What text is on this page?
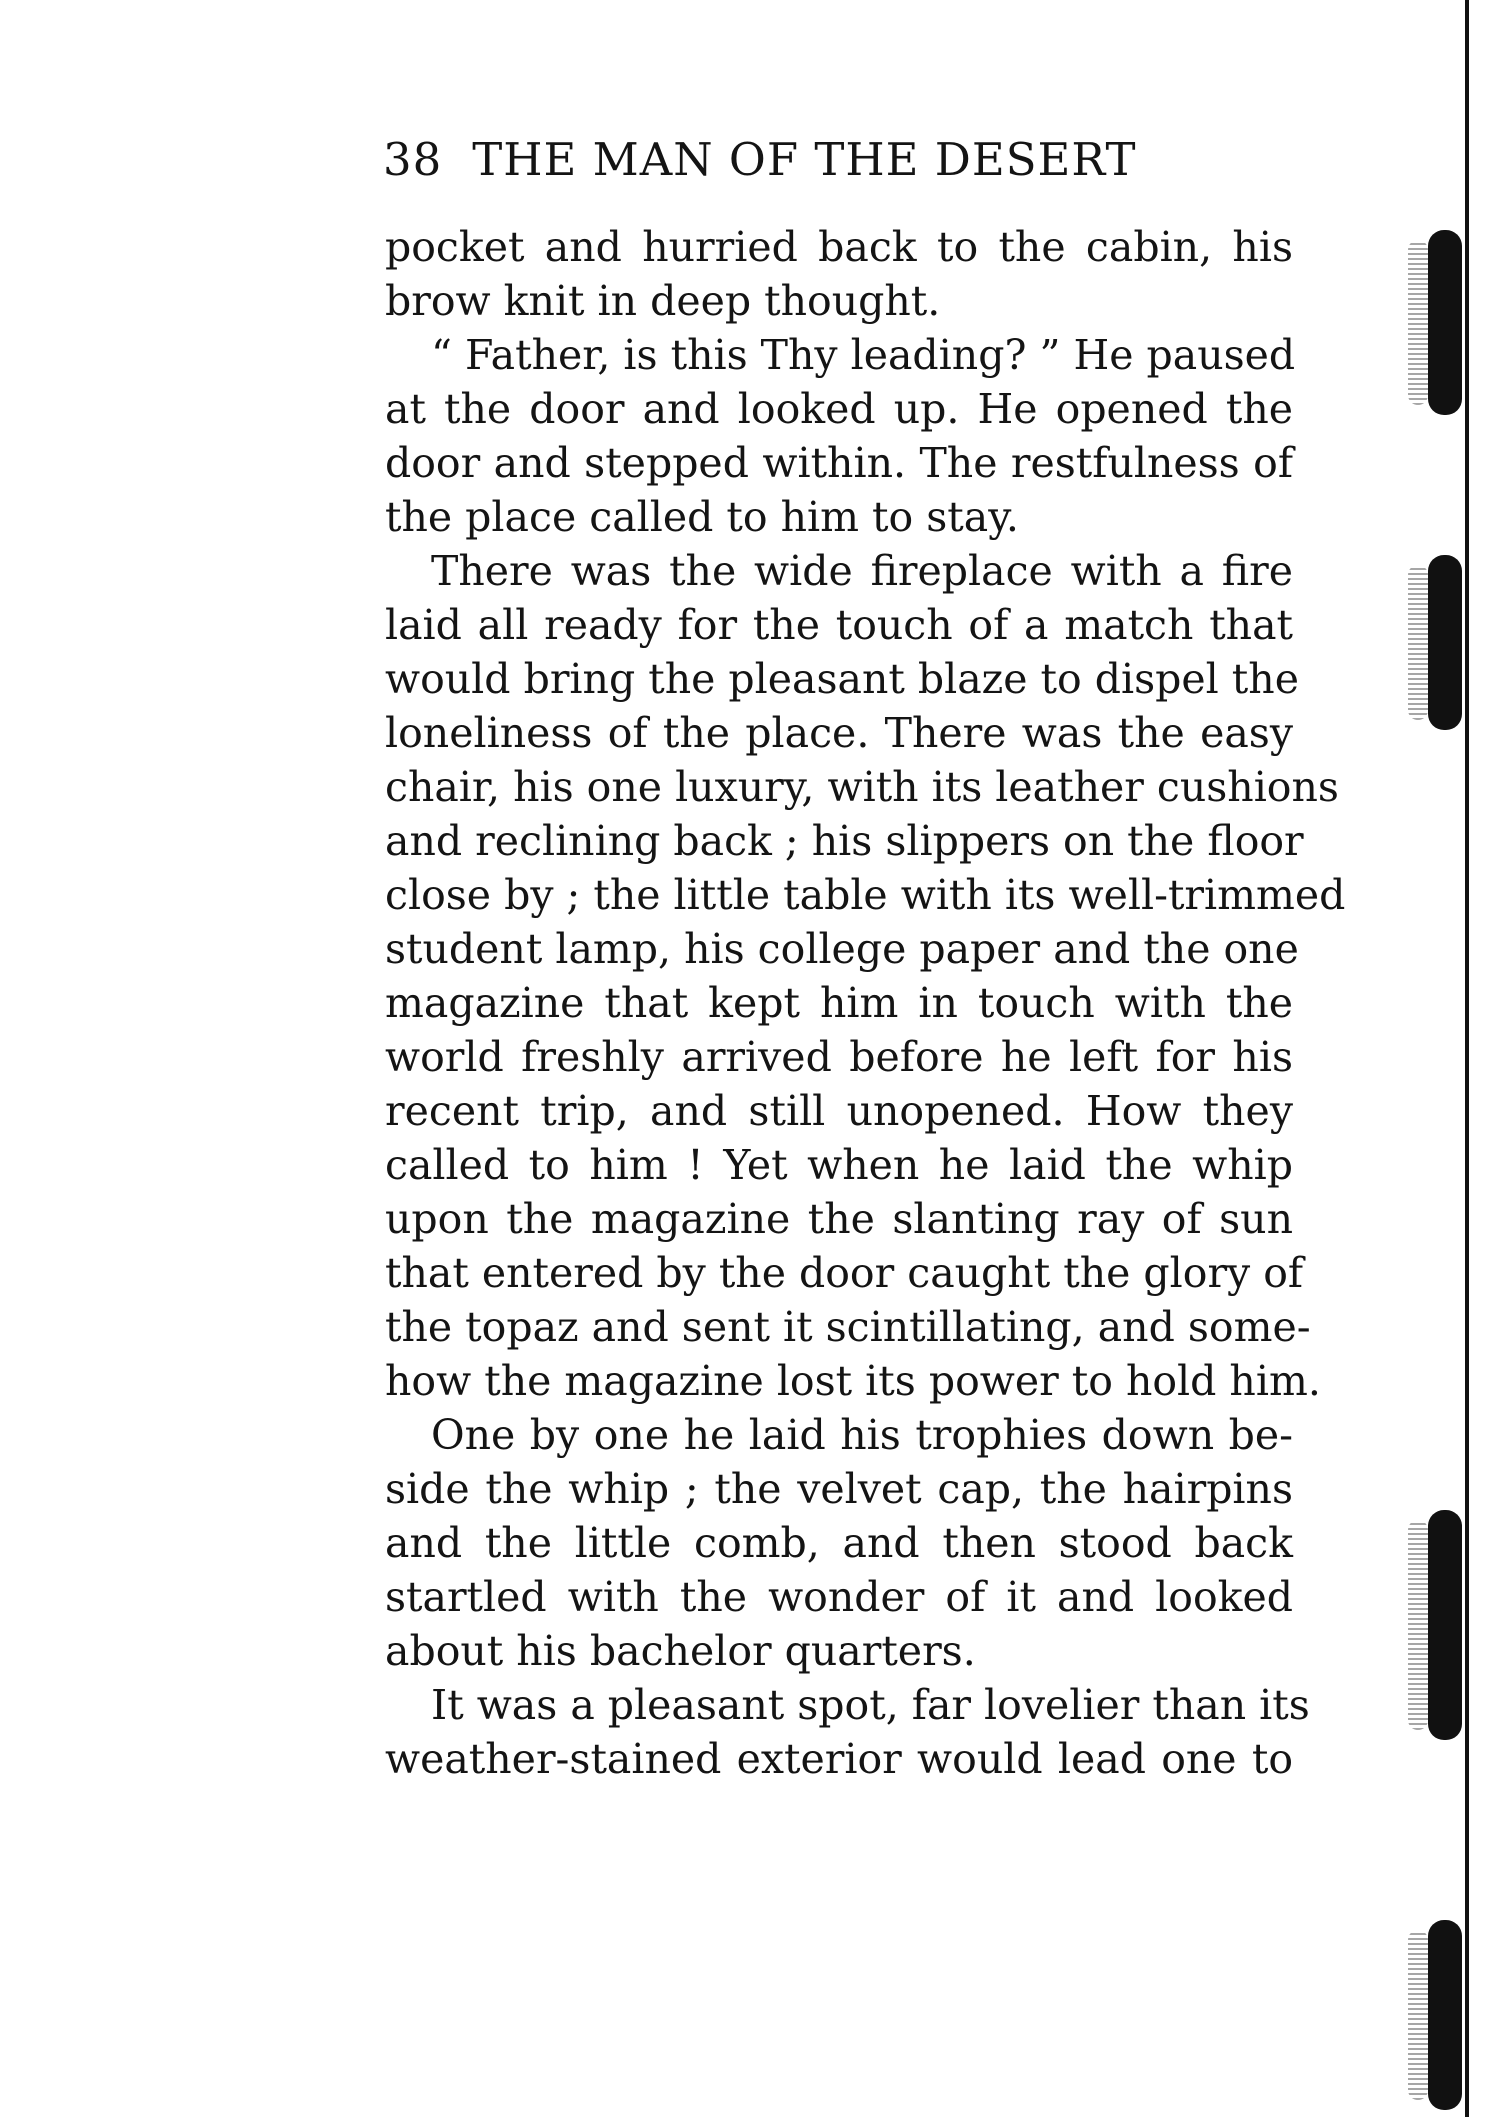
38 THE MAN OF THE DESERT
pocket and hurried back to the cabin, his
brow knit in deep thought.
“ Father, is this Thy leading? ” He paused
at the door and looked up. He opened the
door and stepped within. The restfulness of
the place called to him to stay.
There was the wide fireplace with a fire
laid all ready for the touch of a match that
would bring the pleasant blaze to dispel the
loneliness of the place. There was the easy
chair, his one luxury, with its leather cushions
and reclining back ; his slippers on the floor
close by ; the little table with its well-trimmed
student lamp, his college paper and the one
magazine that kept him in touch with the
world freshly arrived before he left for his
recent trip, and still unopened. How they
called to him ! Yet when he laid the whip
upon the magazine the slanting ray of sun
that entered by the door caught the glory of
the topaz and sent it scintillating, and some-
how the magazine lost its power to hold him.
One by one he laid his trophies down be-
side the whip ; the velvet cap, the hairpins
and the little comb, and then stood back
startled with the wonder of it and looked
about his bachelor quarters.
It was a pleasant spot, far lovelier than its
weather-stained exterior would lead one to
